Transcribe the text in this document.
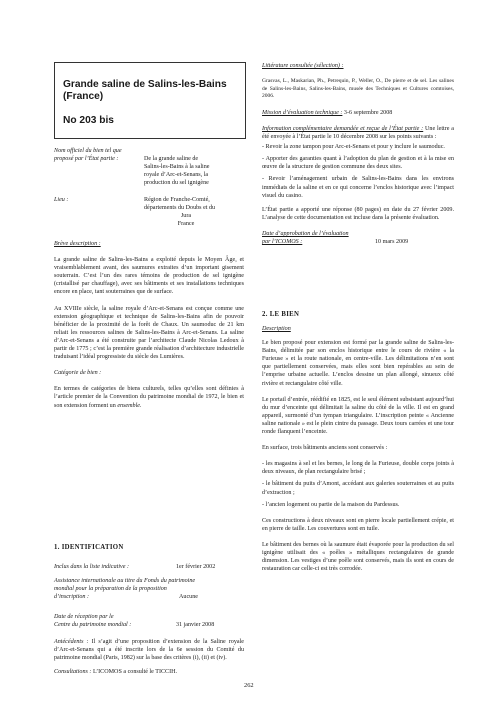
Grande saline de Salins-les-Bains
(France)
No 203 bis
Nom officiel du bien tel que
proposé par l’État partie :	De la grande saline de
Salins-les-Bains à la saline
royale d’Arc-et-Senans, la
production du sel ignigène
Lieu :	Région de Franche-Comté,
départements du Doubs et du
Jura
France

Brève description :

La grande saline de Salins-les-Bains a exploité depuis le Moyen Âge, et vraisemblablement avant, des saumures extraites d’un important gisement souterrain. C’est l’un des rares témoins de production de sel ignigène (cristallisé par chauffage), avec ses bâtiments et ses installations techniques encore en place, tant souterraines que de surface.

Au XVIIIe siècle, la saline royale d’Arc-et-Senans est conçue comme une extension géographique et technique de Salins-les-Bains afin de pouvoir bénéficier de la proximité de la forêt de Chaux. Un saumoduc de 21 km reliait les ressources salines de Salins-les-Bains à Arc-et-Senans. La saline d’Arc-et-Senans a été construite par l’architecte Claude Nicolas Ledoux à partir de 1775 ; c’est la première grande réalisation d’architecture industrielle traduisant l’idéal progressiste du siècle des Lumières.

Catégorie de bien :

En termes de catégories de biens culturels, telles qu’elles sont définies à l’article premier de la Convention du patrimoine mondial de 1972, le bien et son extension forment un ensemble.

1. IDENTIFICATION
Inclus dans la liste indicative :	1er février 2002
Assistance internationale au titre du Fonds du patrimoine
mondial pour la préparation de la proposition
d’inscription :	Aucune
Date de réception par le
Centre du patrimoine mondial :	31 janvier 2008

Antécédents : Il s’agit d’une proposition d’extension de la Saline royale d’Arc-et-Senans qui a été inscrite lors de la 6e session du Comité du patrimoine mondial (Paris, 1982) sur la base des critères (i), (ii) et (iv).

Consultations : L’ICOMOS a consulté le TICCIH.

Littérature consultée (sélection) :

Grasvas, L., Maskarian, Ph., Petrequin, P., Weller, O., De pierre et de sel. Les salines de Salins-les-Bains, Salins-les-Bains, musée des Techniques et Cultures comtoises, 2006.

Mission d’évaluation technique : 3-6 septembre 2008

Information complémentaire demandée et reçue de l’État partie : Une lettre a été envoyée à l’État partie le 10 décembre 2008 sur les points suivants :

- Revoir la zone tampon pour Arc-et-Senans et pour y inclure le saumoduc.
- Apporter des garanties quant à l’adoption du plan de gestion et à la mise en œuvre de la structure de gestion commune des deux sites.
- Revoir l’aménagement urbain de Salins-les-Bains dans les environs immédiats de la saline et en ce qui concerne l’enclos historique avec l’impact visuel du casino.

L’État partie a apporté une réponse (80 pages) en date du 27 février 2009. L’analyse de cette documentation est incluse dans la présente évaluation.

Date d’approbation de l’évaluation
par l’ICOMOS :	10 mars 2009
2. LE BIEN

Description

Le bien proposé pour extension est formé par la grande saline de Salins-les-Bains, délimitée par son enclos historique entre le cours de rivière « la Furieuse » et la route nationale, en centre-ville. Les délimitations n’en sont que partiellement conservées, mais elles sont bien repérables au sein de l’emprise urbaine actuelle. L’enclos dessine un plan allongé, sinueux côté rivière et rectangulaire côté ville.

Le portail d’entrée, réédifié en 1825, est le seul élément subsistant aujourd’hui du mur d’enceinte qui délimitait la saline du côté de la ville. Il est en grand appareil, surmonté d’un tympan triangulaire. L’inscription peinte « Ancienne saline nationale » est le plein cintre du passage. Deux tours carrées et une tour ronde flanquent l’enceinte.

En surface, trois bâtiments anciens sont conservés :

- les magasins à sel et les bernes, le long de la Furieuse, double corps joints à deux niveaux, de plan rectangulaire brisé ;
- le bâtiment du puits d’Amont, accédant aux galeries souterraines et au puits d’extraction ;
- l’ancien logement ou partie de la maison du Pardessus.

Ces constructions à deux niveaux sont en pierre locale partiellement crépie, et en pierre de taille. Les couvertures sont en tuile.

Le bâtiment des bernes où la saumure était évaporée pour la production du sel ignigène utilisait des « poêles » métalliques rectangulaires de grande dimension. Les vestiges d’une poêle sont conservés, mais ils sont en cours de restauration car celle-ci est très corrodée.

262
